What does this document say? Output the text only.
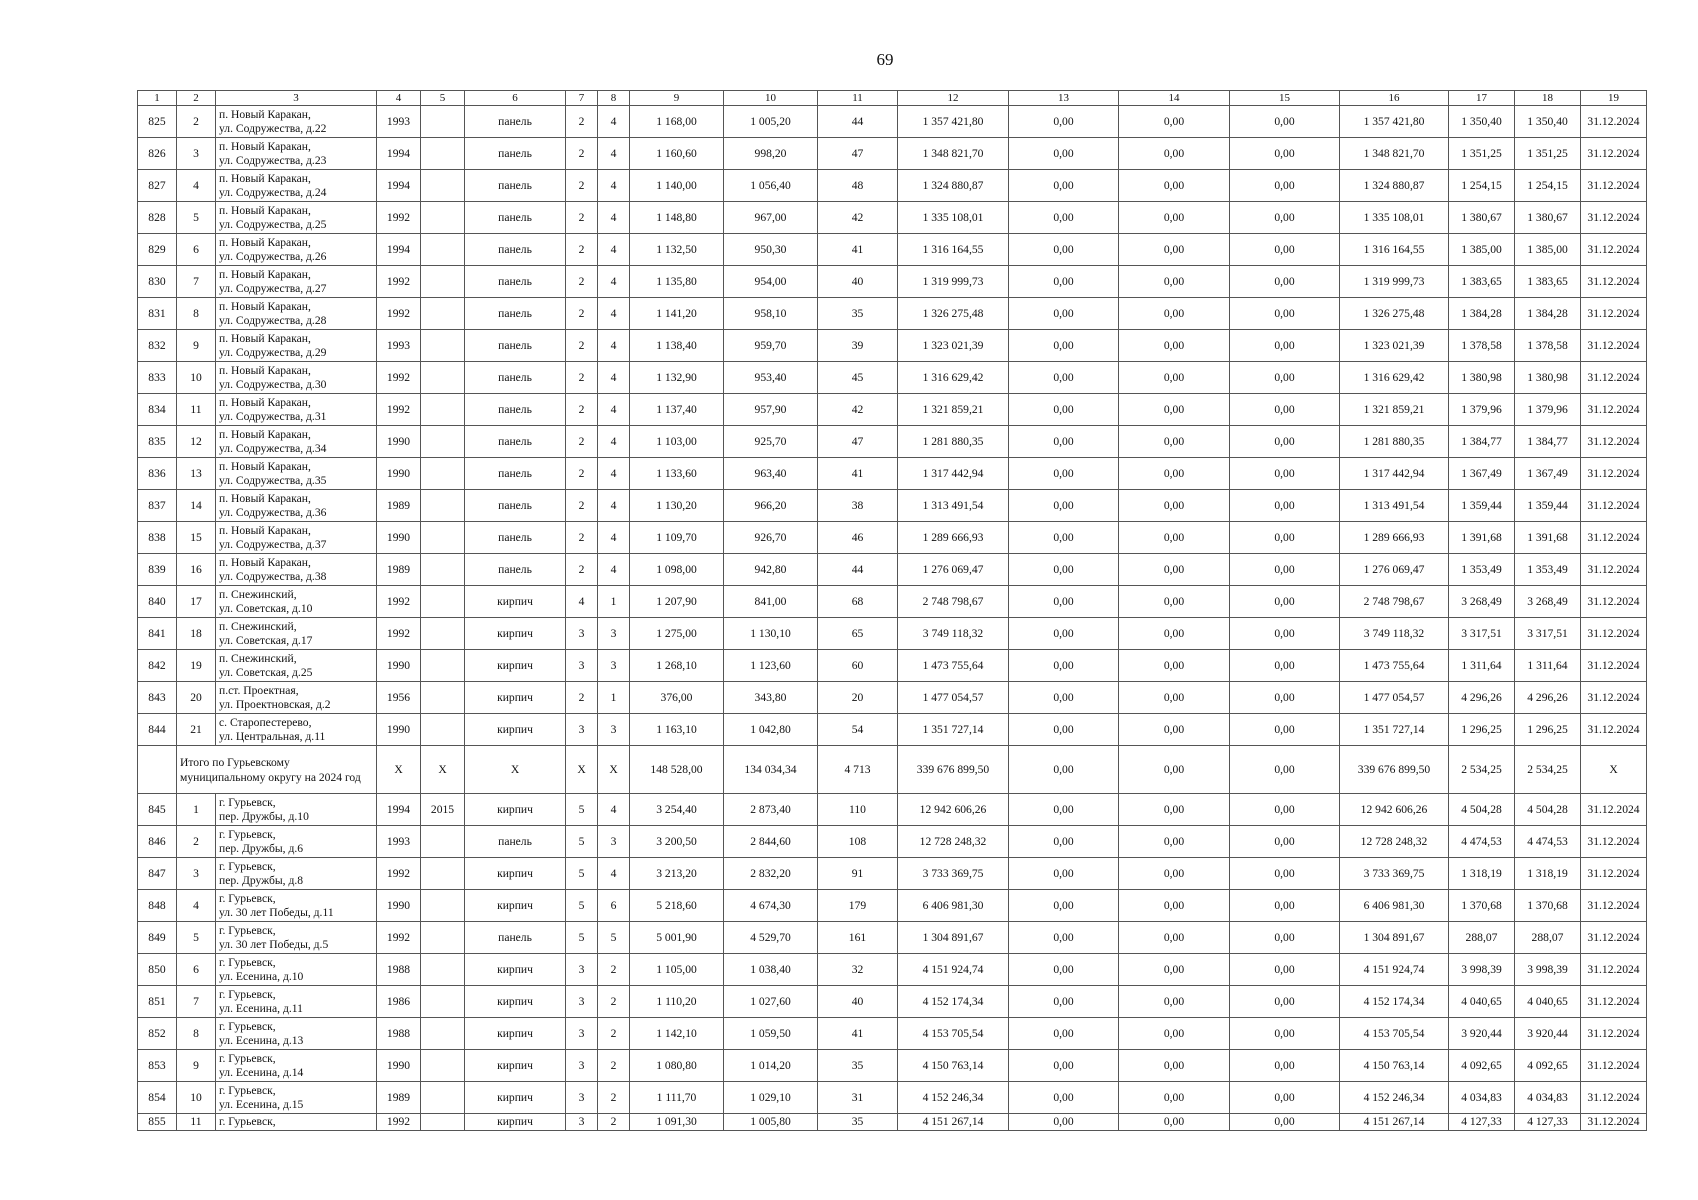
69
1	2	3	4	5	6	7	8	9	10	11	12	13	14	15	16	17	18	19
825	2	п. Новый Каракан,
ул. Содружества, д.22	1993		панель	2	4	1 168,00	1 005,20	44	1 357 421,80	0,00	0,00	0,00	1 357 421,80	1 350,40	1 350,40	31.12.2024
826	3	п. Новый Каракан,
ул. Содружества, д.23	1994		панель	2	4	1 160,60	998,20	47	1 348 821,70	0,00	0,00	0,00	1 348 821,70	1 351,25	1 351,25	31.12.2024
827	4	п. Новый Каракан,
ул. Содружества, д.24	1994		панель	2	4	1 140,00	1 056,40	48	1 324 880,87	0,00	0,00	0,00	1 324 880,87	1 254,15	1 254,15	31.12.2024
828	5	п. Новый Каракан,
ул. Содружества, д.25	1992		панель	2	4	1 148,80	967,00	42	1 335 108,01	0,00	0,00	0,00	1 335 108,01	1 380,67	1 380,67	31.12.2024
829	6	п. Новый Каракан,
ул. Содружества, д.26	1994		панель	2	4	1 132,50	950,30	41	1 316 164,55	0,00	0,00	0,00	1 316 164,55	1 385,00	1 385,00	31.12.2024
830	7	п. Новый Каракан,
ул. Содружества, д.27	1992		панель	2	4	1 135,80	954,00	40	1 319 999,73	0,00	0,00	0,00	1 319 999,73	1 383,65	1 383,65	31.12.2024
831	8	п. Новый Каракан,
ул. Содружества, д.28	1992		панель	2	4	1 141,20	958,10	35	1 326 275,48	0,00	0,00	0,00	1 326 275,48	1 384,28	1 384,28	31.12.2024
832	9	п. Новый Каракан,
ул. Содружества, д.29	1993		панель	2	4	1 138,40	959,70	39	1 323 021,39	0,00	0,00	0,00	1 323 021,39	1 378,58	1 378,58	31.12.2024
833	10	п. Новый Каракан,
ул. Содружества, д.30	1992		панель	2	4	1 132,90	953,40	45	1 316 629,42	0,00	0,00	0,00	1 316 629,42	1 380,98	1 380,98	31.12.2024
834	11	п. Новый Каракан,
ул. Содружества, д.31	1992		панель	2	4	1 137,40	957,90	42	1 321 859,21	0,00	0,00	0,00	1 321 859,21	1 379,96	1 379,96	31.12.2024
835	12	п. Новый Каракан,
ул. Содружества, д.34	1990		панель	2	4	1 103,00	925,70	47	1 281 880,35	0,00	0,00	0,00	1 281 880,35	1 384,77	1 384,77	31.12.2024
836	13	п. Новый Каракан,
ул. Содружества, д.35	1990		панель	2	4	1 133,60	963,40	41	1 317 442,94	0,00	0,00	0,00	1 317 442,94	1 367,49	1 367,49	31.12.2024
837	14	п. Новый Каракан,
ул. Содружества, д.36	1989		панель	2	4	1 130,20	966,20	38	1 313 491,54	0,00	0,00	0,00	1 313 491,54	1 359,44	1 359,44	31.12.2024
838	15	п. Новый Каракан,
ул. Содружества, д.37	1990		панель	2	4	1 109,70	926,70	46	1 289 666,93	0,00	0,00	0,00	1 289 666,93	1 391,68	1 391,68	31.12.2024
839	16	п. Новый Каракан,
ул. Содружества, д.38	1989		панель	2	4	1 098,00	942,80	44	1 276 069,47	0,00	0,00	0,00	1 276 069,47	1 353,49	1 353,49	31.12.2024
840	17	п. Снежинский,
ул. Советская, д.10	1992		кирпич	4	1	1 207,90	841,00	68	2 748 798,67	0,00	0,00	0,00	2 748 798,67	3 268,49	3 268,49	31.12.2024
841	18	п. Снежинский,
ул. Советская, д.17	1992		кирпич	3	3	1 275,00	1 130,10	65	3 749 118,32	0,00	0,00	0,00	3 749 118,32	3 317,51	3 317,51	31.12.2024
842	19	п. Снежинский,
ул. Советская, д.25	1990		кирпич	3	3	1 268,10	1 123,60	60	1 473 755,64	0,00	0,00	0,00	1 473 755,64	1 311,64	1 311,64	31.12.2024
843	20	п.ст. Проектная,
ул. Проектновская, д.2	1956		кирпич	2	1	376,00	343,80	20	1 477 054,57	0,00	0,00	0,00	1 477 054,57	4 296,26	4 296,26	31.12.2024
844	21	с. Старопестерево,
ул. Центральная, д.11	1990		кирпич	3	3	1 163,10	1 042,80	54	1 351 727,14	0,00	0,00	0,00	1 351 727,14	1 296,25	1 296,25	31.12.2024
	Итого по Гурьевскому муниципальному округу на 2024 год		X	X	X	X	X	148 528,00	134 034,34	4 713	339 676 899,50	0,00	0,00	0,00	339 676 899,50	2 534,25	2 534,25	X
845	1	г. Гурьевск,
пер. Дружбы, д.10	1994	2015	кирпич	5	4	3 254,40	2 873,40	110	12 942 606,26	0,00	0,00	0,00	12 942 606,26	4 504,28	4 504,28	31.12.2024
846	2	г. Гурьевск,
пер. Дружбы, д.6	1993		панель	5	3	3 200,50	2 844,60	108	12 728 248,32	0,00	0,00	0,00	12 728 248,32	4 474,53	4 474,53	31.12.2024
847	3	г. Гурьевск,
пер. Дружбы, д.8	1992		кирпич	5	4	3 213,20	2 832,20	91	3 733 369,75	0,00	0,00	0,00	3 733 369,75	1 318,19	1 318,19	31.12.2024
848	4	г. Гурьевск,
ул. 30 лет Победы, д.11	1990		кирпич	5	6	5 218,60	4 674,30	179	6 406 981,30	0,00	0,00	0,00	6 406 981,30	1 370,68	1 370,68	31.12.2024
849	5	г. Гурьевск,
ул. 30 лет Победы, д.5	1992		панель	5	5	5 001,90	4 529,70	161	1 304 891,67	0,00	0,00	0,00	1 304 891,67	288,07	288,07	31.12.2024
850	6	г. Гурьевск,
ул. Есенина, д.10	1988		кирпич	3	2	1 105,00	1 038,40	32	4 151 924,74	0,00	0,00	0,00	4 151 924,74	3 998,39	3 998,39	31.12.2024
851	7	г. Гурьевск,
ул. Есенина, д.11	1986		кирпич	3	2	1 110,20	1 027,60	40	4 152 174,34	0,00	0,00	0,00	4 152 174,34	4 040,65	4 040,65	31.12.2024
852	8	г. Гурьевск,
ул. Есенина, д.13	1988		кирпич	3	2	1 142,10	1 059,50	41	4 153 705,54	0,00	0,00	0,00	4 153 705,54	3 920,44	3 920,44	31.12.2024
853	9	г. Гурьевск,
ул. Есенина, д.14	1990		кирпич	3	2	1 080,80	1 014,20	35	4 150 763,14	0,00	0,00	0,00	4 150 763,14	4 092,65	4 092,65	31.12.2024
854	10	г. Гурьевск,
ул. Есенина, д.15	1989		кирпич	3	2	1 111,70	1 029,10	31	4 152 246,34	0,00	0,00	0,00	4 152 246,34	4 034,83	4 034,83	31.12.2024
855	11	г. Гурьевск,	1992		кирпич	3	2	1 091,30	1 005,80	35	4 151 267,14	0,00	0,00	0,00	4 151 267,14	4 127,33	4 127,33	31.12.2024
